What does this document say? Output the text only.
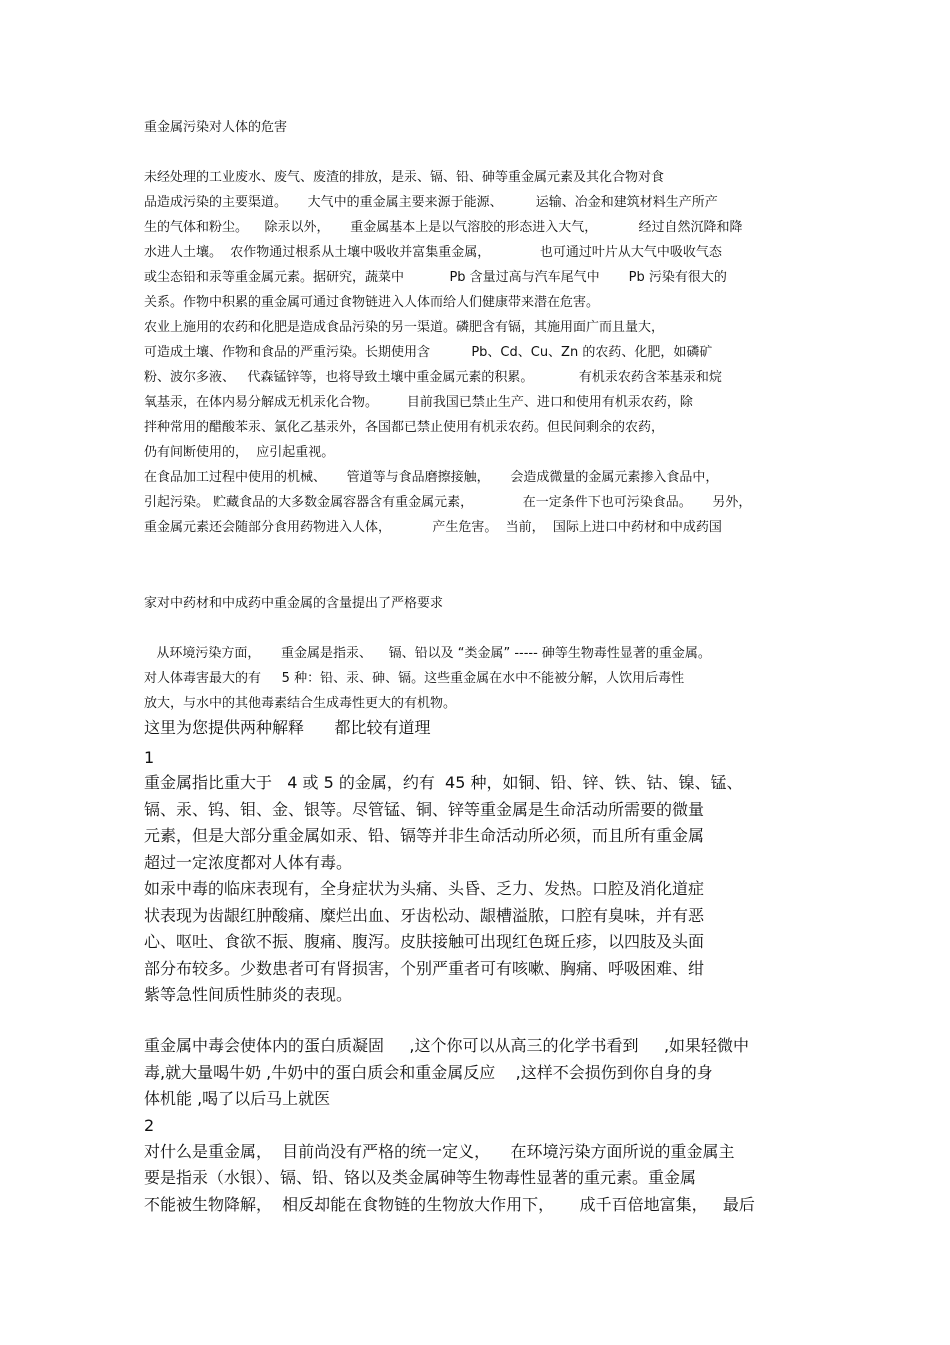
重金属污染对人体的危害
未经处理的工业废水、废气、废渣的排放，是汞、镉、铅、砷等重金属元素及其化合物对食
品造成污染的主要渠道。     大气中的重金属主要来源于能源、        运输、冶金和建筑材料生产所产
生的气体和粉尘。    除汞以外，     重金属基本上是以气溶胶的形态进入大气，          经过自然沉降和降
水进人土壤。  农作物通过根系从土壤中吸收并富集重金属，            也可通过叶片从大气中吸收气态
或尘态铅和汞等重金属元素。据研究，蔬菜中           Pb 含量过高与汽车尾气中       Pb 污染有很大的
关系。作物中积累的重金属可通过食物链进入人体而给人们健康带来潜在危害。
农业上施用的农药和化肥是造成食品污染的另一渠道。磷肥含有镉，其施用面广而且量大，
可造成土壤、作物和食品的严重污染。长期使用含          Pb、Cd、Cu、Zn 的农药、化肥，如磷矿
粉、波尔多液、   代森锰锌等，也将导致土壤中重金属元素的积累。           有机汞农药含苯基汞和烷
氧基汞，在体内易分解成无机汞化合物。       目前我国已禁止生产、进口和使用有机汞农药，除
拌种常用的醋酸苯汞、氯化乙基汞外，各国都已禁止使用有机汞农药。但民间剩余的农药，
仍有间断使用的，  应引起重视。
在食品加工过程中使用的机械、     管道等与食品磨擦接触，     会造成微量的金属元素掺入食品中，
引起污染。 贮藏食品的大多数金属容器含有重金属元素，            在一定条件下也可污染食品。     另外，
重金属元素还会随部分食用药物进入人体，          产生危害。  当前，  国际上进口中药材和中成药国
家对中药材和中成药中重金属的含量提出了严格要求
从环境污染方面，     重金属是指汞、    镉、铅以及 “类金属” ----- 砷等生物毒性显著的重金属。
对人体毒害最大的有     5 种：铅、汞、砷、镉。这些重金属在水中不能被分解，人饮用后毒性
放大，与水中的其他毒素结合生成毒性更大的有机物。
这里为您提供两种解释      都比较有道理
1
重金属指比重大于   4 或 5 的金属，约有  45 种，如铜、铅、锌、铁、钴、镍、锰、
镉、汞、钨、钼、金、银等。尽管锰、铜、锌等重金属是生命活动所需要的微量
元素，但是大部分重金属如汞、铅、镉等并非生命活动所必须，而且所有重金属
超过一定浓度都对人体有毒。
如汞中毒的临床表现有，全身症状为头痛、头昏、乏力、发热。口腔及消化道症
状表现为齿龈红肿酸痛、糜烂出血、牙齿松动、龈槽溢脓，口腔有臭味，并有恶
心、呕吐、食欲不振、腹痛、腹泻。皮肤接触可出现红色斑丘疹，以四肢及头面
部分布较多。少数患者可有肾损害，个别严重者可有咳嗽、胸痛、呼吸困难、绀
紫等急性间质性肺炎的表现。
重金属中毒会使体内的蛋白质凝固     ,这个你可以从高三的化学书看到     ,如果轻微中
毒,就大量喝牛奶 ,牛奶中的蛋白质会和重金属反应    ,这样不会损伤到你自身的身
体机能 ,喝了以后马上就医
2
对什么是重金属，  目前尚没有严格的统一定义，    在环境污染方面所说的重金属主
要是指汞（水银）、镉、铅、铬以及类金属砷等生物毒性显著的重元素。重金属
不能被生物降解，  相反却能在食物链的生物放大作用下，     成千百倍地富集，   最后
